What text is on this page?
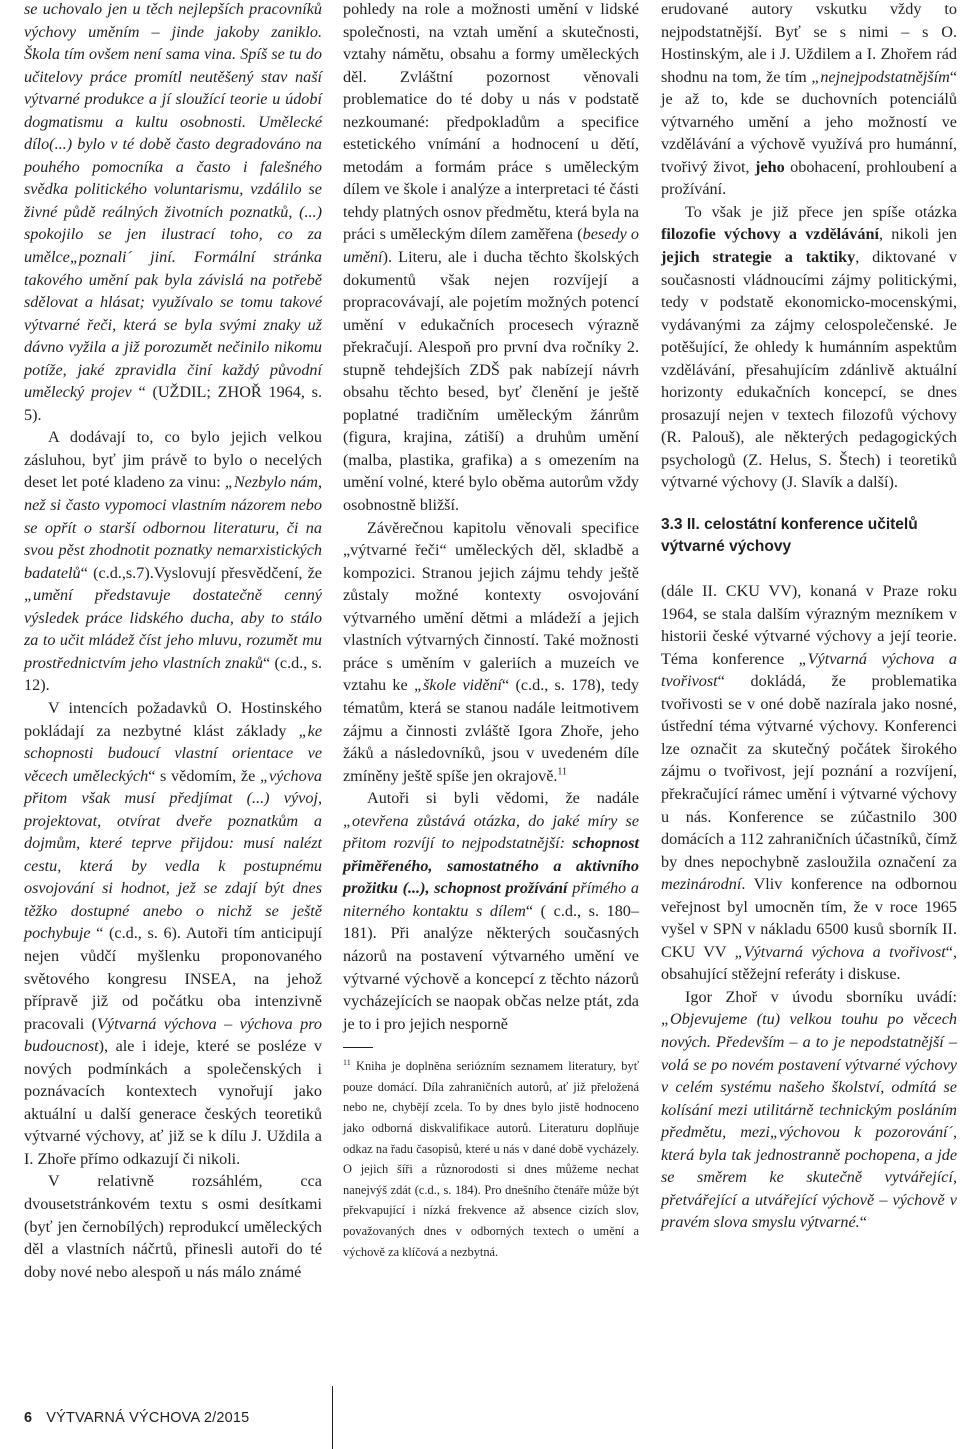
se uchovalo jen u těch nejlepších pracovníků výchovy uměním – jinde jakoby zaniklo. Škola tím ovšem není sama vina. Spíš se tu do učitelovy práce promítl neutěšený stav naší výtvarné produkce a jí sloužící teorie u údobí dogmatismu a kultu osobnosti. Umělecké dílo(...) bylo v té době často degradováno na pouhého pomocníka a často i falešného svědka politického voluntarismu, vzdálilo se živné půdě reálných životních poznatků, (...) spokojilo se jen ilustrací toho, co za umělce„poznali´ jiní. Formální stránka takového umění pak byla závislá na potřebě sdělovat a hlásat; využívalo se tomu takové výtvarné řeči, která se byla svými znaky už dávno vyžila a již porozumět nečinilo nikomu potíže, jaké zpravidla činí každý původní umělecký projev “ (UŽDIL; ZHOŘ 1964, s. 5).

A dodávají to, co bylo jejich velkou zásluhou, byť jim právě to bylo o necelých deset let poté kladeno za vinu: „Nezbylo nám, než si často vypomoci vlastním názorem nebo se opřít o starší odbornou literaturu, či na svou pěst zhodnotit poznatky nemarxistických badatelů“ (c.d.,s.7).Vyslovují přesvědčení, že „umění představuje dostatečně cenný výsledek práce lidského ducha, aby to stálo za to učit mládež číst jeho mluvu, rozumět mu prostřednictvím jeho vlastních znaků“ (c.d., s. 12).

V intencích požadavků O. Hostinského pokládají za nezbytné klást základy „ke schopnosti budoucí vlastní orientace ve věcech uměleckých“ s vědomím, že „výchova přitom však musí předjímat (...) vývoj, projektovat, otvírat dveře poznatkům a dojmům, které teprve přijdou: musí nalézt cestu, která by vedla k postupnému osvojování si hodnot, jež se zdají být dnes těžko dostupné anebo o nichž se ještě pochybuje “ (c.d., s. 6). Autoři tím anticipují nejen vůdčí myšlenku proponovaného světového kongresu INSEA, na jehož přípravě již od počátku oba intenzivně pracovali (Výtvarná výchova – výchova pro budoucnost), ale i ideje, které se posléze v nových podmínkách a společenských i poznávacích kontextech vynořují jako aktuální u další generace českých teoretiků výtvarné výchovy, ať již se k dílu J. Uždila a I. Zhoře přímo odkazují či nikoli.

V relativně rozsáhlém, cca dvousetstránkovém textu s osmi desítkami (byť jen černobílých) reprodukcí uměleckých děl a vlastních náčrtů, přinesli autoři do té doby nové nebo alespoň u nás málo známé

pohledy na role a možnosti umění v lidské společnosti, na vztah umění a skutečnosti, vztahy námětu, obsahu a formy uměleckých děl. Zvláštní pozornost věnovali problematice do té doby u nás v podstatě nezkoumané: předpokladům a specifice estetického vnímání a hodnocení u dětí, metodám a formám práce s uměleckým dílem ve škole i analýze a interpretaci té části tehdy platných osnov předmětu, která byla na práci s uměleckým dílem zaměřena (besedy o umění). Literu, ale i ducha těchto školských dokumentů však nejen rozvíjejí a propracovávají, ale pojetím možných potencí umění v edukačních procesech výrazně překračují. Alespoň pro první dva ročníky 2. stupně tehdejších ZDŠ pak nabízejí návrh obsahu těchto besed, byť členění je ještě poplatné tradičním uměleckým žánrům (figura, krajina, zátiší) a druhům umění (malba, plastika, grafika) a s omezením na umění volné, které bylo oběma autorům vždy osobnostně bližší.

Závěrečnou kapitolu věnovali specifice „výtvarné řeči“ uměleckých děl, skladbě a kompozici. Stranou jejich zájmu tehdy ještě zůstaly možné kontexty osvojování výtvarného umění dětmi a mládeží a jejich vlastních výtvarných činností. Také možnosti práce s uměním v galeriích a muzeích ve vztahu ke „škole vidění“ (c.d., s. 178), tedy tématům, která se stanou nadále leitmotivem zájmu a činnosti zvláště Igora Zhoře, jeho žáků a následovníků, jsou v uvedeném díle zmíněny ještě spíše jen okrajově.$^{11}$

Autoři si byli vědomi, že nadále „otevřena zůstává otázka, do jaké míry se přitom rozvíjí to nejpodstatnější: schopnost přiměřeného, samostatného a aktivního prožitku (...), schopnost prožívání přímého a niterného kontaktu s dílem“ ( c.d., s. 180–181). Při analýze některých současných názorů na postavení výtvarného umění ve výtvarné výchově a koncepcí z těchto názorů vycházejících se naopak občas nelze ptát, zda je to i pro jejich nesporně

$^{11}$ Kniha je doplněna seriózním seznamem literatury, byť pouze domácí. Díla zahraničních autorů, ať již přeložená nebo ne, chybějí zcela. To by dnes bylo jistě hodnoceno jako odborná diskvalifikace autorů. Literaturu doplňuje odkaz na řadu časopisů, které u nás v dané době vycházely. O jejich šíři a různorodosti si dnes můžeme nechat nanejvýš zdát (c.d., s. 184). Pro dnešního čtenáře může být překvapující i nízká frekvence až absence cizích slov, považovaných dnes v odborných textech o umění a výchově za klíčová a nezbytná.

erudované autory vskutku vždy to nejpodstatnější. Byť se s nimi – s O. Hostinským, ale i J. Uždilem a I. Zhořem rád shodnu na tom, že tím „nejnejpodstatnějším“ je až to, kde se duchovních potenciálů výtvarného umění a jeho možností ve vzdělávání a výchově využívá pro humánní, tvořivý život, jeho obohacení, prohloubení a prožívání.

To však je již přece jen spíše otázka filozofie výchovy a vzdělávání, nikoli jen jejich strategie a taktiky, diktované v současnosti vládnoucími zájmy politickými, tedy v podstatě ekonomicko-mocenskými, vydávanými za zájmy celospolečenské. Je potěšující, že ohledy k humánním aspektům vzdělávání, přesahujícím zdánlivě aktuální horizonty edukačních koncepcí, se dnes prosazují nejen v textech filozofů výchovy (R. Palouš), ale některých pedagogických psychologů (Z. Helus, S. Štech) i teoretiků výtvarné výchovy (J. Slavík a další).

3.3 II. celostátní konference učitelů výtvarné výchovy

(dále II. CKU VV), konaná v Praze roku 1964, se stala dalším výrazným mezníkem v historii české výtvarné výchovy a její teorie. Téma konference „Výtvarná výchova a tvořivost“ dokládá, že problematika tvořivosti se v oné době nazírala jako nosné, ústřední téma výtvarné výchovy. Konferenci lze označit za skutečný počátek širokého zájmu o tvořivost, její poznání a rozvíjení, překračující rámec umění i výtvarné výchovy u nás. Konference se zúčastnilo 300 domácích a 112 zahraničních účastníků, čímž by dnes nepochybně zasloužila označení za mezinárodní. Vliv konference na odbornou veřejnost byl umocněn tím, že v roce 1965 vyšel v SPN v nákladu 6500 kusů sborník II. CKU VV „Výtvarná výchova a tvořivost“, obsahující stěžejní referáty i diskuse.

Igor Zhoř v úvodu sborníku uvádí: „Objevujeme (tu) velkou touhu po věcech nových. Především – a to je nepodstatnější – volá se po novém postavení výtvarné výchovy v celém systému našeho školství, odmítá se kolísání mezi utilitárně technickým posláním předmětu, mezi„výchovou k pozorování´, která byla tak jednostranně pochopena, a jde se směrem ke skutečně vytvářející, přetvářející a utvářející výchově – výchově v pravém slova smyslu výtvarné.“

6 VÝTVARNÁ VÝCHOVA 2/2015
